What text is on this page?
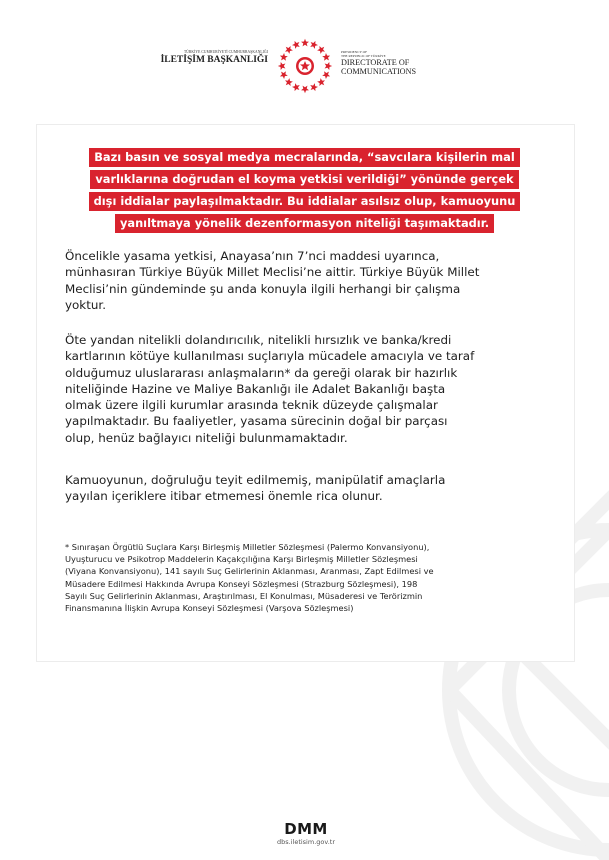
TÜRKİYE CUMHURİYETİ CUMHURBAŞKANLIĞI
İLETİŞİM BAŞKANLIĞI
PRESIDENCY OF
THE REPUBLIC OF TÜRKİYE
DIRECTORATE OF
COMMUNICATIONS
Bazı basın ve sosyal medya mecralarında, “savcılara kişilerin mal
varlıklarına doğrudan el koyma yetkisi verildiği” yönünde gerçek
dışı iddialar paylaşılmaktadır. Bu iddialar asılsız olup, kamuoyunu
yanıltmaya yönelik dezenformasyon niteliği taşımaktadır.
Öncelikle yasama yetkisi, Anayasa’nın 7’nci maddesi uyarınca,
münhasıran Türkiye Büyük Millet Meclisi’ne aittir. Türkiye Büyük Millet
Meclisi’nin gündeminde şu anda konuyla ilgili herhangi bir çalışma
yoktur.
Öte yandan nitelikli dolandırıcılık, nitelikli hırsızlık ve banka/kredi
kartlarının kötüye kullanılması suçlarıyla mücadele amacıyla ve taraf
olduğumuz uluslararası anlaşmaların* da gereği olarak bir hazırlık
niteliğinde Hazine ve Maliye Bakanlığı ile Adalet Bakanlığı başta
olmak üzere ilgili kurumlar arasında teknik düzeyde çalışmalar
yapılmaktadır. Bu faaliyetler, yasama sürecinin doğal bir parçası
olup, henüz bağlayıcı niteliği bulunmamaktadır.
Kamuoyunun, doğruluğu teyit edilmemiş, manipülatif amaçlarla
yayılan içeriklere itibar etmemesi önemle rica olunur.
* Sınıraşan Örgütlü Suçlara Karşı Birleşmiş Milletler Sözleşmesi (Palermo Konvansiyonu),
Uyuşturucu ve Psikotrop Maddelerin Kaçakçılığına Karşı Birleşmiş Milletler Sözleşmesi
(Viyana Konvansiyonu), 141 sayılı Suç Gelirlerinin Aklanması, Aranması, Zapt Edilmesi ve
Müsadere Edilmesi Hakkında Avrupa Konseyi Sözleşmesi (Strazburg Sözleşmesi), 198
Sayılı Suç Gelirlerinin Aklanması, Araştırılması, El Konulması, Müsaderesi ve Terörizmin
Finansmanına İlişkin Avrupa Konseyi Sözleşmesi (Varşova Sözleşmesi)
DMM
dbs.iletisim.gov.tr
